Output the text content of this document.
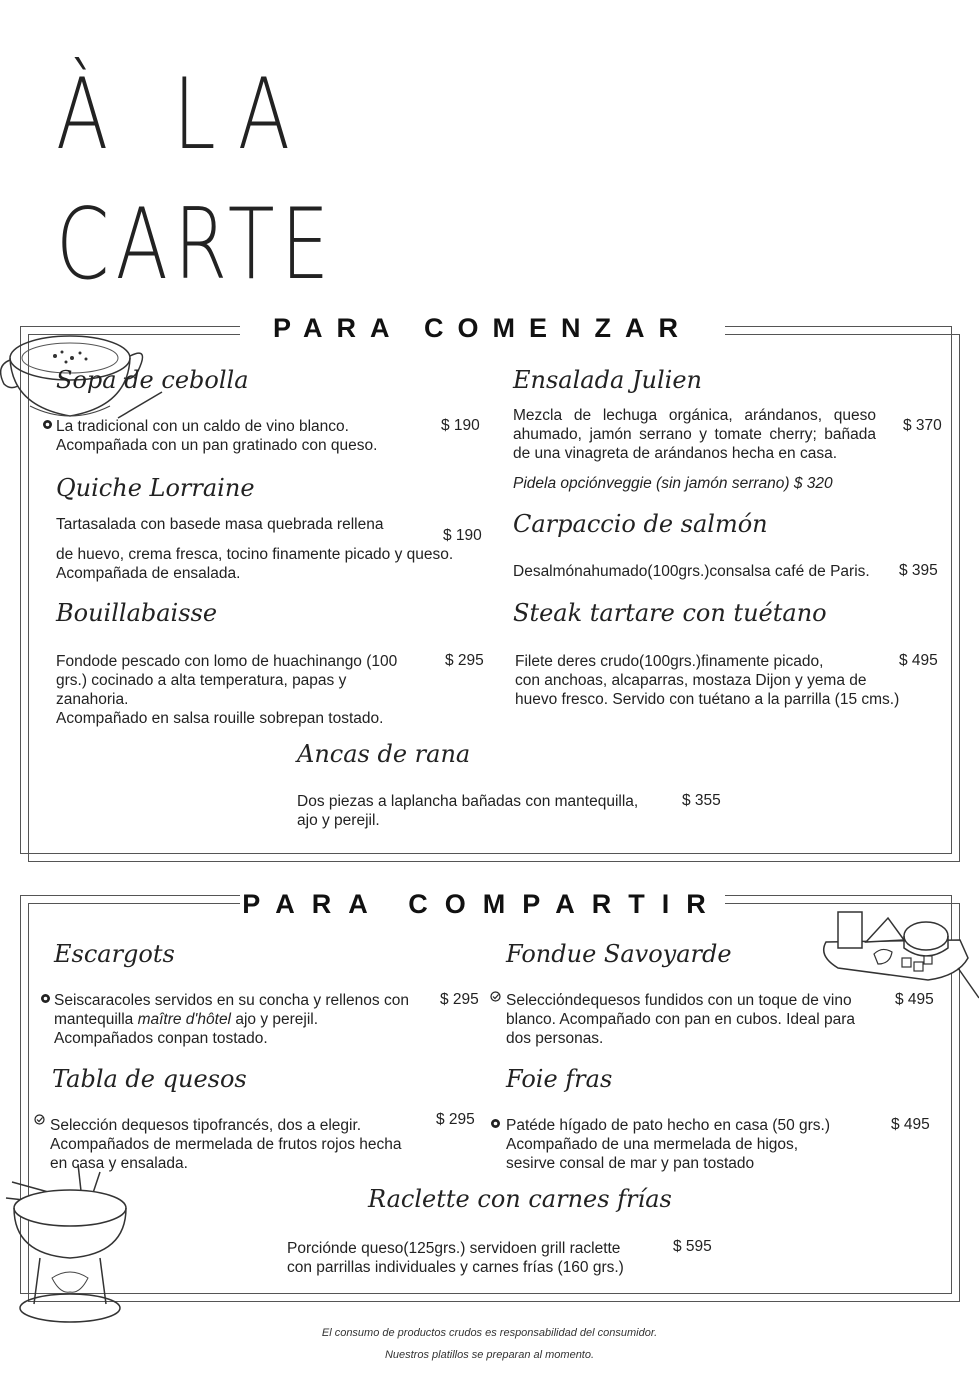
À LA
CARTE
PARA COMENZAR
Sopa de cebolla
La tradicional con un caldo de vino blanco.
Acompañada con un pan gratinado con queso.
$ 190
Quiche Lorraine
Tartasalada con basede masa quebrada rellena
$ 190
de huevo, crema fresca, tocino finamente picado y queso.
Acompañada de ensalada.
Bouillabaisse
Fondode pescado con lomo de huachinango (100 grs.) cocinado a alta temperatura, papas y zanahoria.
Acompañado en salsa rouille sobrepan tostado.
$ 295
Ensalada Julien
Mezcla de lechuga orgánica, arándanos, queso ahumado, jamón serrano y tomate cherry; bañada de una vinagreta de arándanos hecha en casa.
$ 370
Pidela opciónveggie (sin jamón serrano) $ 320
Carpaccio de salmón
Desalmónahumado(100grs.)consalsa café de Paris.	$ 395
Steak tartare con tuétano
Filete deres crudo(100grs.)finamente picado,
con anchoas, alcaparras, mostaza Dijon y yema de
huevo fresco. Servido con tuétano a la parrilla (15 cms.)
$ 495
Ancas de rana
Dos piezas a laplancha bañadas con mantequilla,
ajo y perejil.
$ 355
PARA COMPARTIR
Escargots
Seiscaracoles servidos en su concha y rellenos con mantequilla maître d'hôtel ajo y perejil.
Acompañados conpan tostado.
$ 295
Tabla de quesos
Selección dequesos tipofrancés, dos a elegir.
Acompañados de mermelada de frutos rojos hecha en casa y ensalada.
$ 295
Fondue Savoyarde
Selecciόndequesos fundidos con un toque de vino blanco. Acompañado con pan en cubos. Ideal para dos personas.
$ 495
Foie fras
Patéde hígado de pato hecho en casa (50 grs.)
Acompañado de una mermelada de higos,
sesirve consal de mar y pan tostado
$ 495
Raclette con carnes frías
Porciónde queso(125grs.) servidoen grill raclette
con parrillas individuales y carnes frías (160 grs.)
$ 595
El consumo de productos crudos es responsabilidad del consumidor.
Nuestros platillos se preparan al momento.
